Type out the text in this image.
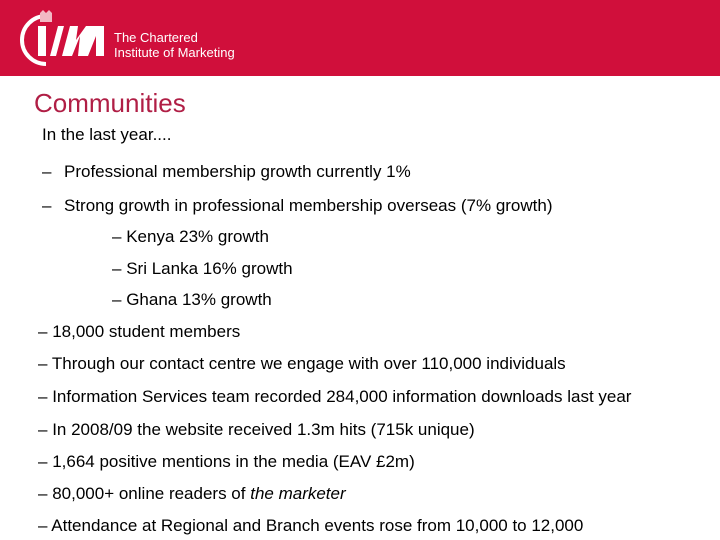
The Chartered
Institute of Marketing
Communities
In the last year....
– Professional membership growth currently 1%
– Strong growth in professional membership overseas (7% growth)
– Kenya 23% growth
– Sri Lanka 16% growth
– Ghana 13% growth
– 18,000 student members
– Through our contact centre we engage with over 110,000 individuals
– Information Services team recorded 284,000 information downloads last year
– In 2008/09 the website received 1.3m hits (715k unique)
– 1,664 positive mentions in the media (EAV £2m)
– 80,000+ online readers of the marketer
– Attendance at Regional and Branch events rose from 10,000 to 12,000
